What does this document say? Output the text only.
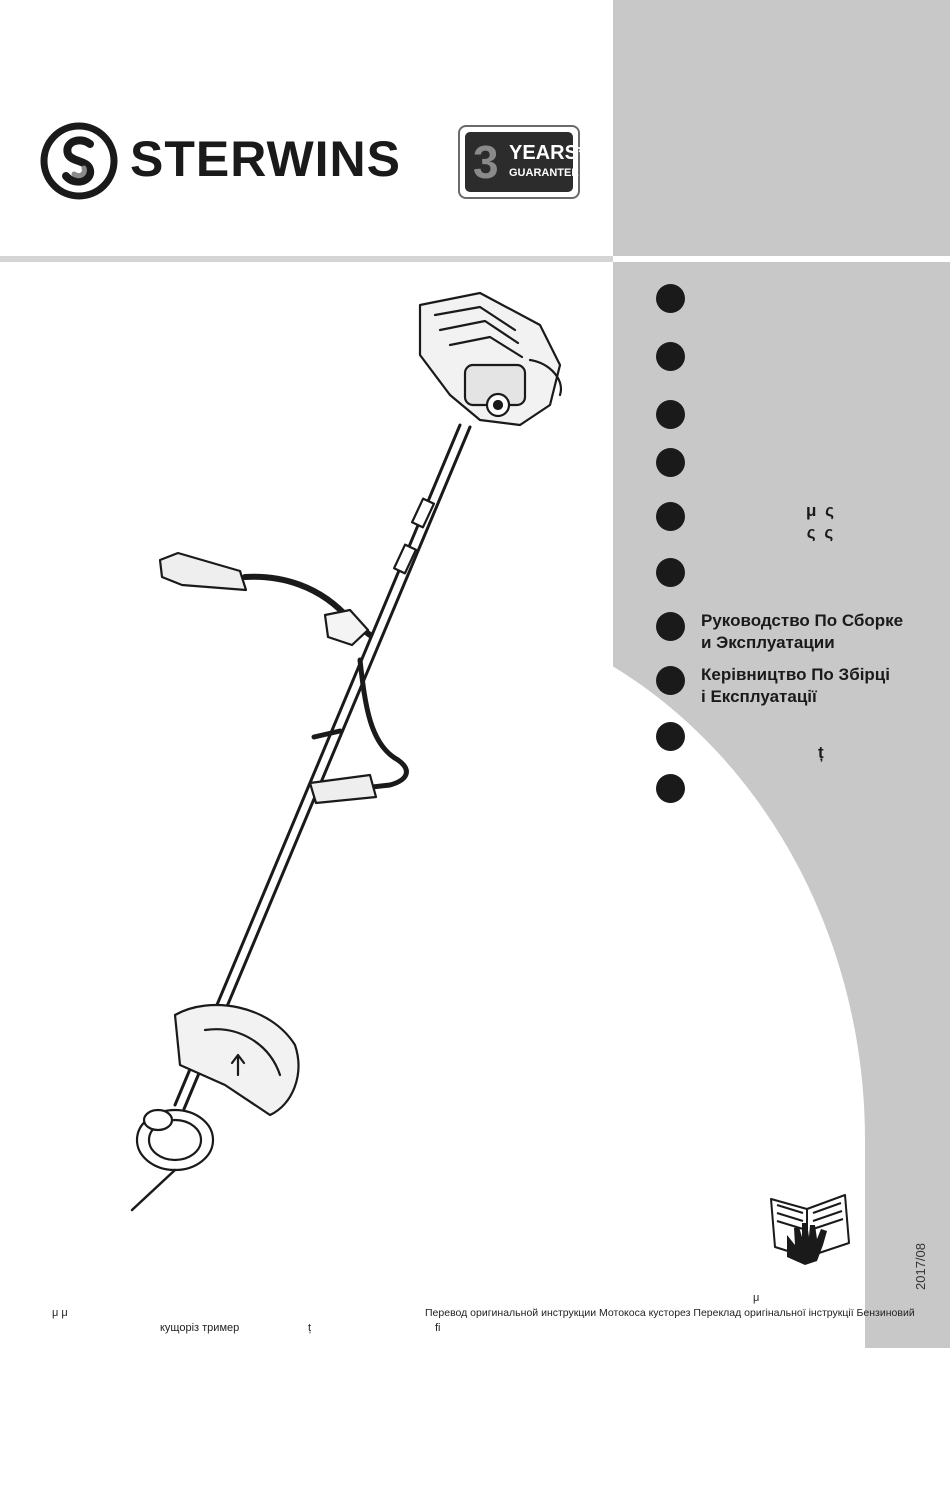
STERWINS 3 YEARS*
GUARANTEE
μ ς
ς ς
Руководство По Сборке
и Эксплуатации
Керівництво По Збірці
і Експлуатації
ț
2017/08
μ μ
кущоріз тример	ț
μ
Перевод оригинальной инструкции Мотокоса кусторез Переклад оригінальної інструкції Бензиновий
fi
